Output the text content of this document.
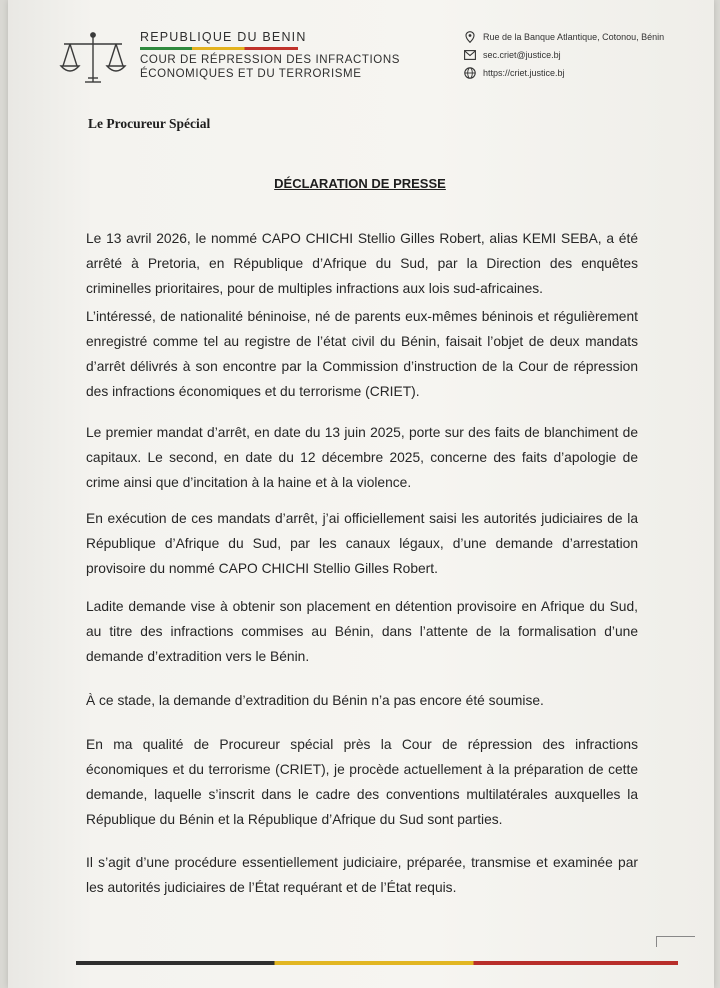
REPUBLIQUE DU BENIN
COUR DE RÉPRESSION DES INFRACTIONS
ÉCONOMIQUES ET DU TERRORISME
Rue de la Banque Atlantique, Cotonou, Bénin
sec.criet@justice.bj
https://criet.justice.bj
Le Procureur Spécial
DÉCLARATION DE PRESSE

Le 13 avril 2026, le nommé CAPO CHICHI Stellio Gilles Robert, alias KEMI SEBA, a été arrêté à Pretoria, en République d’Afrique du Sud, par la Direction des enquêtes criminelles prioritaires, pour de multiples infractions aux lois sud-africaines.

L’intéressé, de nationalité béninoise, né de parents eux-mêmes béninois et régulièrement enregistré comme tel au registre de l’état civil du Bénin, faisait l’objet de deux mandats d’arrêt délivrés à son encontre par la Commission d’instruction de la Cour de répression des infractions économiques et du terrorisme (CRIET).

Le premier mandat d’arrêt, en date du 13 juin 2025, porte sur des faits de blanchiment de capitaux. Le second, en date du 12 décembre 2025, concerne des faits d’apologie de crime ainsi que d’incitation à la haine et à la violence.

En exécution de ces mandats d’arrêt, j’ai officiellement saisi les autorités judiciaires de la République d’Afrique du Sud, par les canaux légaux, d’une demande d’arrestation provisoire du nommé CAPO CHICHI Stellio Gilles Robert.

Ladite demande vise à obtenir son placement en détention provisoire en Afrique du Sud, au titre des infractions commises au Bénin, dans l’attente de la formalisation d’une demande d’extradition vers le Bénin.

À ce stade, la demande d’extradition du Bénin n’a pas encore été soumise.

En ma qualité de Procureur spécial près la Cour de répression des infractions économiques et du terrorisme (CRIET), je procède actuellement à la préparation de cette demande, laquelle s’inscrit dans le cadre des conventions multilatérales auxquelles la République du Bénin et la République d’Afrique du Sud sont parties.

Il s’agit d’une procédure essentiellement judiciaire, préparée, transmise et examinée par les autorités judiciaires de l’État requérant et de l’État requis.
